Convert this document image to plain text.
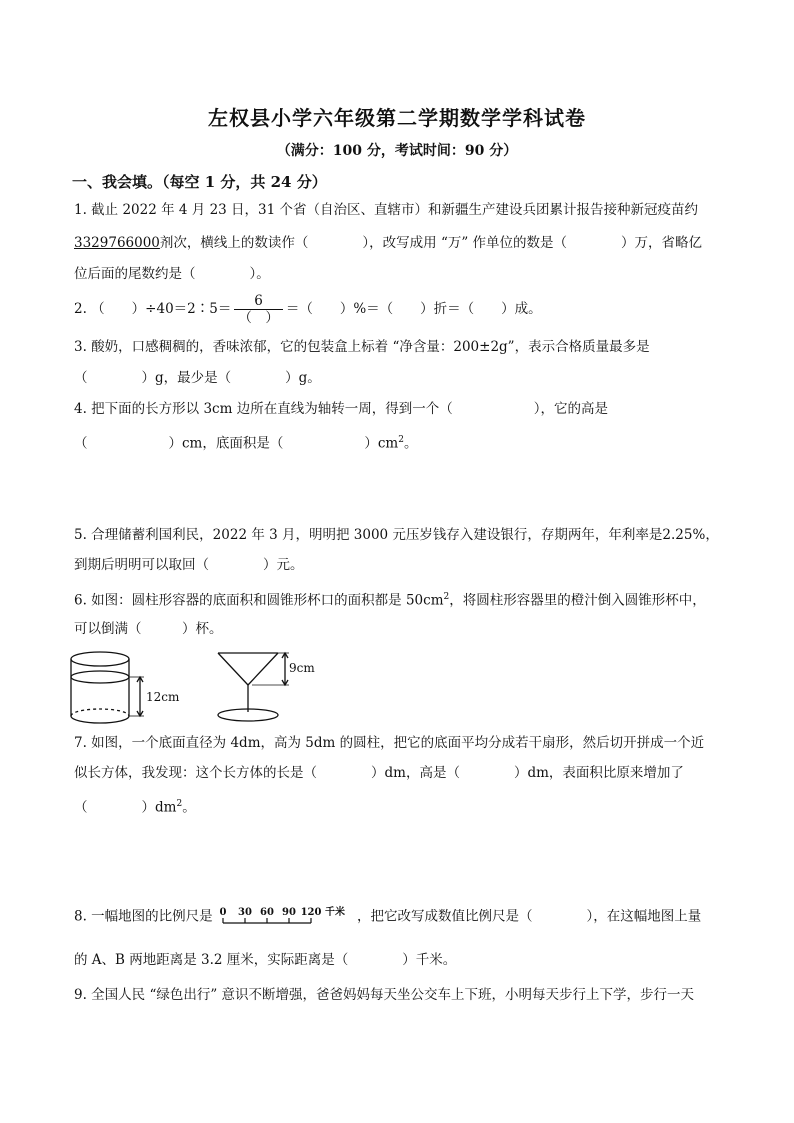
左权县小学六年级第二学期数学学科试卷
（满分：100 分，考试时间：90 分）
一、我会填。（每空 1 分，共 24 分）
1. 截止 2022 年 4 月 23 日，31 个省（自治区、直辖市）和新疆生产建设兵团累计报告接种新冠疫苗约
3329766000剂次，横线上的数读作（　　　　），改写成用 “万” 作单位的数是（　　　　）万，省略亿
位后面的尾数约是（　　　　）。
2. （　　）÷40＝2∶5＝ $\frac{6}{( )}$ ＝（　　）%＝（　　）折＝（　　）成。
3. 酸奶，口感稠稠的，香味浓郁，它的包装盒上标着 “净含量：200±2g”，表示合格质量最多是
（　　　　）g，最少是（　　　　）g。
4. 把下面的长方形以 3cm 边所在直线为轴转一周，得到一个（　　　　　　），它的高是
（　　　　　　）cm，底面积是（　　　　　　）$cm^2$。
5. 合理储蓄利国利民，2022 年 3 月，明明把 3000 元压岁钱存入建设银行，存期两年，年利率是2.25%，
到期后明明可以取回（　　　　）元。
6. 如图：圆柱形容器的底面积和圆锥形杯口的面积都是 $50cm^2$，将圆柱形容器里的橙汁倒入圆锥形杯中，
可以倒满（　　　）杯。
12cm
9cm
7. 如图，一个底面直径为 4dm，高为 5dm 的圆柱，把它的底面平均分成若干扇形，然后切开拼成一个近
似长方体，我发现：这个长方体的长是（　　　　）dm，高是（　　　　）dm，表面积比原来增加了
（　　　　）$dm^2$。
8. 一幅地图的比例尺是 0 30 60 90 120 千米 ，把它改写成数值比例尺是（　　　　），在这幅地图上量
的 A、B 两地距离是 3.2 厘米，实际距离是（　　　　）千米。
9. 全国人民 “绿色出行” 意识不断增强，爸爸妈妈每天坐公交车上下班，小明每天步行上下学，步行一天
